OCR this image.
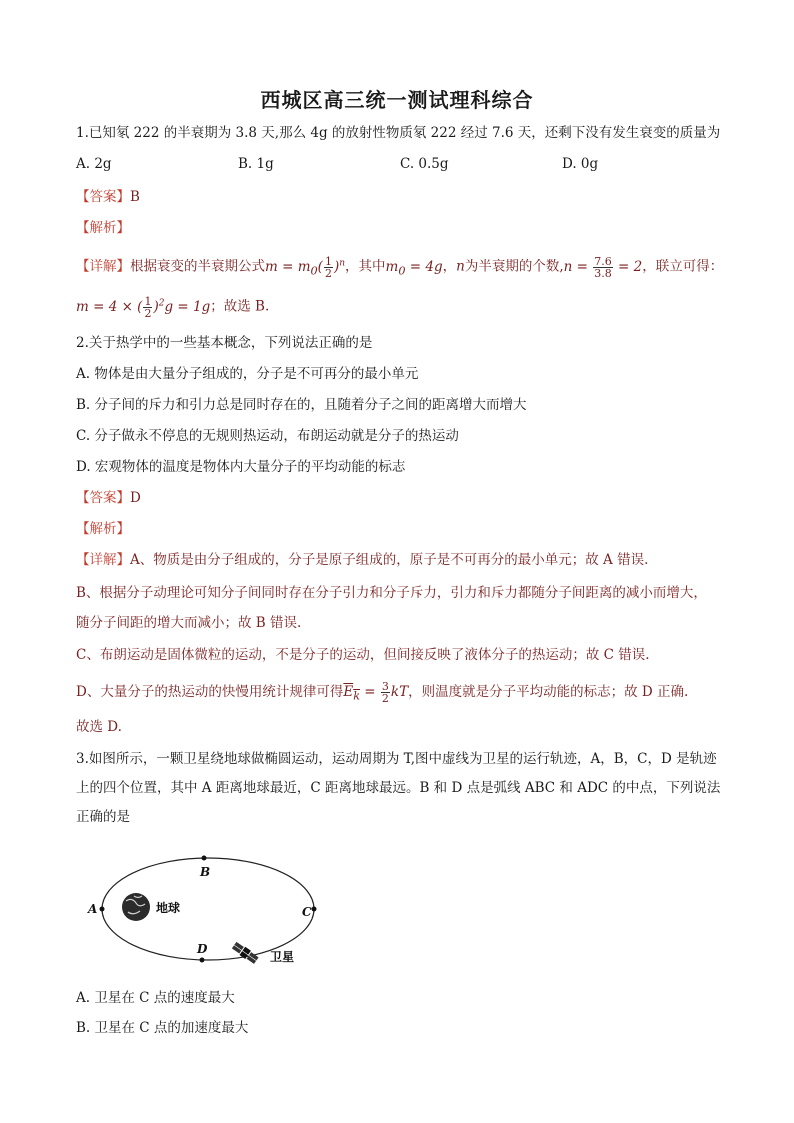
西城区高三统一测试理科综合
1.已知氡 222 的半衰期为 3.8 天,那么 4g 的放射性物质氡 222 经过 7.6 天，还剩下没有发生衰变的质量为
A. 2g	B. 1g	C. 0.5g	D. 0g
【答案】B
【解析】
【详解】根据衰变的半衰期公式$m = m_0( \frac{1}{2} )^n$，其中$m_0 = 4g$，n为半衰期的个数$,n = \frac{7.6}{3.8} = 2$，联立可得：
m = 4 × ( $\frac{1}{2} )^2g = 1g$；故选 B.
2.关于热学中的一些基本概念，下列说法正确的是
A. 物体是由大量分子组成的，分子是不可再分的最小单元
B. 分子间的斥力和引力总是同时存在的，且随着分子之间的距离增大而增大
C. 分子做永不停息的无规则热运动，布朗运动就是分子的热运动
D. 宏观物体的温度是物体内大量分子的平均动能的标志
【答案】D
【解析】
【详解】A、物质是由分子组成的，分子是原子组成的，原子是不可再分的最小单元；故 A 错误.
B、根据分子动理论可知分子间同时存在分子引力和分子斥力，引力和斥力都随分子间距离的减小而增大，
随分子间距的增大而减小；故 B 错误.
C、布朗运动是固体微粒的运动，不是分子的运动，但间接反映了液体分子的热运动；故 C 错误.
D、大量分子的热运动的快慢用统计规律可得$E_k = \frac{3}{2}$ kT，则温度就是分子平均动能的标志；故 D 正确.
故选 D.
3.如图所示，一颗卫星绕地球做椭圆运动，运动周期为 T,图中虚线为卫星的运行轨迹，A，B，C，D 是轨迹
上的四个位置，其中 A 距离地球最近，C 距离地球最远。B 和 D 点是弧线 ABC 和 ADC 的中点，下列说法
正确的是
A
B
C
D
地球
卫星
A. 卫星在 C 点的速度最大
B. 卫星在 C 点的加速度最大
